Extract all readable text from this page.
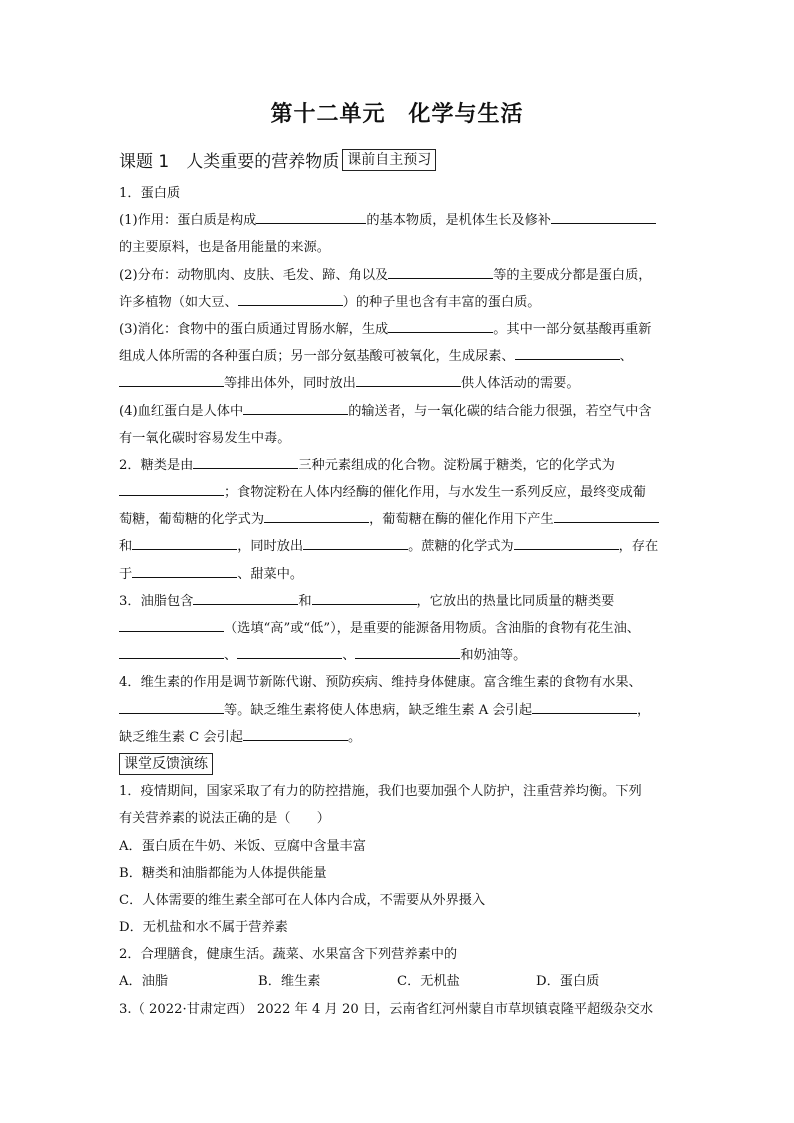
第十二单元　化学与生活
课题 1　人类重要的营养物质 课前自主预习
1．蛋白质
(1)作用：蛋白质是构成	的基本物质，是机体生长及修补
的主要原料，也是备用能量的来源。
(2)分布：动物肌肉、皮肤、毛发、蹄、角以及	等的主要成分都是蛋白质，
许多植物（如大豆、	）的种子里也含有丰富的蛋白质。
(3)消化：食物中的蛋白质通过胃肠水解，生成	。其中一部分氨基酸再重新
组成人体所需的各种蛋白质；另一部分氨基酸可被氧化，生成尿素、	、
等排出体外，同时放出	供人体活动的需要。
(4)血红蛋白是人体中	的输送者，与一氧化碳的结合能力很强，若空气中含
有一氧化碳时容易发生中毒。
2．糖类是由	三种元素组成的化合物。淀粉属于糖类，它的化学式为
；食物淀粉在人体内经酶的催化作用，与水发生一系列反应，最终变成葡
萄糖，葡萄糖的化学式为	，葡萄糖在酶的催化作用下产生
和	，同时放出	。蔗糖的化学式为	，存在
于	、甜菜中。
3．油脂包含	和	，它放出的热量比同质量的糖类要
（选填“高”或“低”），是重要的能源备用物质。含油脂的食物有花生油、
、	、	和奶油等。
4．维生素的作用是调节新陈代谢、预防疾病、维持身体健康。富含维生素的食物有水果、
等。缺乏维生素将使人体患病，缺乏维生素 A 会引起	，
缺乏维生素 C 会引起	。
课堂反馈演练
1．疫情期间，国家采取了有力的防控措施，我们也要加强个人防护，注重营养均衡。下列
有关营养素的说法正确的是（　　）
A．蛋白质在牛奶、米饭、豆腐中含量丰富
B．糖类和油脂都能为人体提供能量
C．人体需要的维生素全部可在人体内合成，不需要从外界摄入
D．无机盐和水不属于营养素
2．合理膳食，健康生活。蔬菜、水果富含下列营养素中的
A．油脂	B．维生素	C．无机盐	D．蛋白质
3.（ 2022·甘肃定西） 2022 年 4 月 20 日，云南省红河州蒙自市草坝镇袁隆平超级杂交水
